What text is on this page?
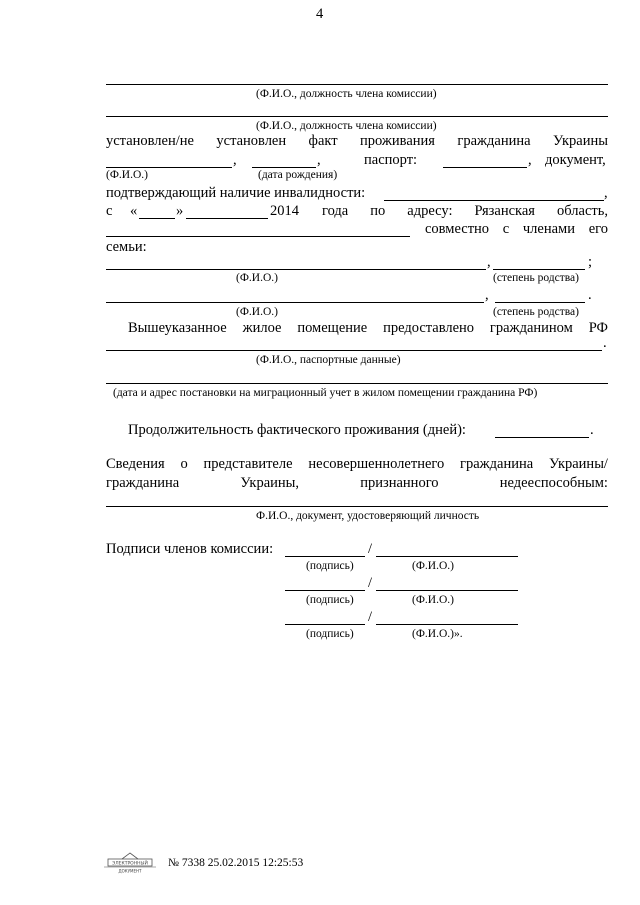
4
(Ф.И.О., должность члена комиссии)
(Ф.И.О., должность члена комиссии)
установлен/не установлен факт проживания гражданина Украины
,	,	паспорт:	, документ,
(Ф.И.О.)	(дата рождения)
подтверждающий наличие инвалидности:	,
с «	»	2014 года по адресу: Рязанская область,
совместно с членами его
семьи:
,	;
(Ф.И.О.)	(степень родства)
,	.
(Ф.И.О.)	(степень родства)
Вышеуказанное жилое помещение предоставлено гражданином РФ
.
(Ф.И.О., паспортные данные)
(дата и адрес постановки на миграционный учет в жилом помещении гражданина РФ)
Продолжительность фактического проживания (дней):	.
Сведения о представителе несовершеннолетнего гражданина Украины/
гражданина	Украины,	признанного	недееспособным:
Ф.И.О., документ, удостоверяющий личность
Подписи членов комиссии:	/
(подпись)	(Ф.И.О.)
/
(подпись)	(Ф.И.О.)
/
(подпись)	(Ф.И.О.)».
ЭЛЕКТРОННЫЙ
ДОКУМЕНТ
№ 7338 25.02.2015 12:25:53
